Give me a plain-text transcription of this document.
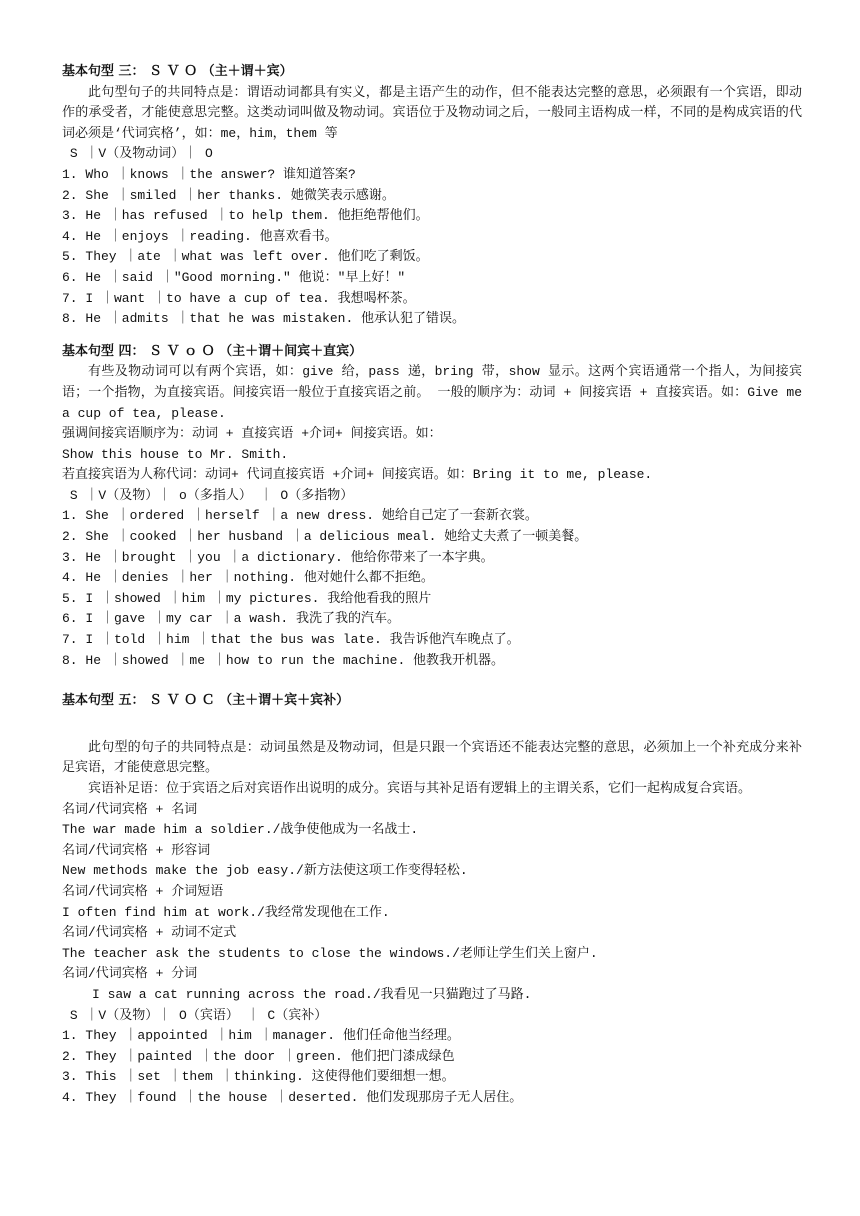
基本句型 三： Ｓ Ｖ Ｏ （主＋谓＋宾）
此句型句子的共同特点是：谓语动词都具有实义，都是主语产生的动作，但不能表达完整的意思，必须跟有一个宾语，即动作的承受者，才能使意思完整。这类动词叫做及物动词。宾语位于及物动词之后，一般同主语构成一样，不同的是构成宾语的代词必须是‘代词宾格’，如：me，him，them 等
S ｜V（及物动词）｜ O
1. Who ｜knows ｜the answer? 谁知道答案?
2. She ｜smiled ｜her thanks. 她微笑表示感谢。
3. He ｜has refused ｜to help them. 他拒绝帮他们。
4. He ｜enjoys ｜reading. 他喜欢看书。
5. They ｜ate ｜what was left over. 他们吃了剩饭。
6. He ｜said ｜"Good morning." 他说："早上好！"
7. I ｜want ｜to have a cup of tea. 我想喝杯茶。
8. He ｜admits ｜that he was mistaken. 他承认犯了错误。
基本句型 四： Ｓ Ｖ ｏ Ｏ （主＋谓＋间宾＋直宾）
有些及物动词可以有两个宾语，如：give 给，pass 递，bring 带，show 显示。这两个宾语通常一个指人，为间接宾语；一个指物，为直接宾语。间接宾语一般位于直接宾语之前。 一般的顺序为：动词 + 间接宾语 + 直接宾语。如：Give me a cup of tea, please.
强调间接宾语顺序为：动词 + 直接宾语 +介词+ 间接宾语。如：
Show this house to Mr. Smith.
若直接宾语为人称代词：动词+ 代词直接宾语 +介词+ 间接宾语。如：Bring it to me, please.
S ｜V（及物）｜ o（多指人） ｜ O（多指物）
1. She ｜ordered ｜herself ｜a new dress. 她给自己定了一套新衣裳。
2. She ｜cooked ｜her husband ｜a delicious meal. 她给丈夫煮了一顿美餐。
3. He ｜brought ｜you ｜a dictionary. 他给你带来了一本字典。
4. He ｜denies ｜her ｜nothing. 他对她什么都不拒绝。
5. I ｜showed ｜him ｜my pictures. 我给他看我的照片
6. I ｜gave ｜my car ｜a wash. 我洗了我的汽车。
7. I ｜told ｜him ｜that the bus was late. 我告诉他汽车晚点了。
8. He ｜showed ｜me ｜how to run the machine. 他教我开机器。
基本句型 五： Ｓ Ｖ Ｏ Ｃ （主＋谓＋宾＋宾补）
此句型的句子的共同特点是：动词虽然是及物动词，但是只跟一个宾语还不能表达完整的意思，必须加上一个补充成分来补足宾语，才能使意思完整。
宾语补足语：位于宾语之后对宾语作出说明的成分。宾语与其补足语有逻辑上的主谓关系，它们一起构成复合宾语。
名词/代词宾格 + 名词
The war made him a soldier./战争使他成为一名战士.
名词/代词宾格 + 形容词
New methods make the job easy./新方法使这项工作变得轻松.
名词/代词宾格 + 介词短语
I often find him at work./我经常发现他在工作.
名词/代词宾格 + 动词不定式
The teacher ask the students to close the windows./老师让学生们关上窗户.
名词/代词宾格 + 分词
I saw a cat running across the road./我看见一只猫跑过了马路.
S ｜V（及物）｜ O（宾语） ｜ C（宾补）
1. They ｜appointed ｜him ｜manager. 他们任命他当经理。
2. They ｜painted ｜the door ｜green. 他们把门漆成绿色
3. This ｜set ｜them ｜thinking. 这使得他们要细想一想。
4. They ｜found ｜the house ｜deserted. 他们发现那房子无人居住。
